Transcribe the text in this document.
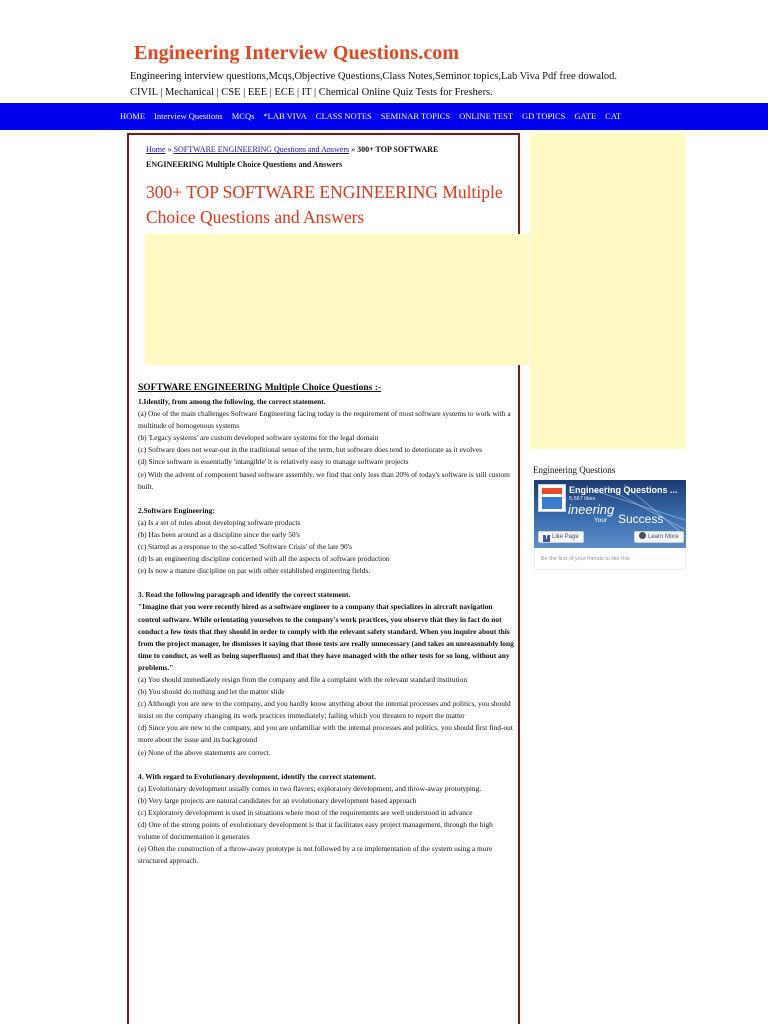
Engineering Interview Questions.com
Engineering interview questions,Mcqs,Objective Questions,Class Notes,Seminor topics,Lab Viva Pdf free dowalod. CIVIL | Mechanical | CSE | EEE | ECE | IT | Chemical Online Quiz Tests for Freshers.
HOME Interview Questions MCQs *LAB VIVA CLASS NOTES SEMINAR TOPICS ONLINE TEST GD TOPICS GATE CAT
Home » SOFTWARE ENGINEERING Questions and Answers » 300+ TOP SOFTWARE ENGINEERING Multiple Choice Questions and Answers
300+ TOP SOFTWARE ENGINEERING Multiple Choice Questions and Answers
SOFTWARE ENGINEERING Multiple Choice Questions :-
1.Identify, from among the following, the correct statement.
(a) One of the main challenges Software Engineering facing today is the requirement of most software systems to work with a multitude of homogenous systems
(b) 'Legacy systems' are custom developed software systems for the legal domain
(c) Software does not wear-out in the traditional sense of the term, but software does tend to deteriorate as it evolves
(d) Since software is essentially 'intangible' it is relatively easy to manage software projects
(e) With the advent of component based software assembly, we find that only less than 20% of today's software is still custom built.
2.Software Engineering:
(a) Is a set of rules about developing software products
(b) Has been around as a discipline since the early 50's
(c) Started as a response to the so-called 'Software Crisis' of the late 90's
(d) Is an engineering discipline concerned with all the aspects of software production
(e) Is now a mature discipline on par with other established engineering fields.
3. Read the following paragraph and identify the correct statement.
"Imagine that you were recently hired as a software engineer to a company that specializes in aircraft navigation control software. While orientating yourselves to the company's work practices, you observe that they in fact do not conduct a few tests that they should in order to comply with the relevant safety standard. When you inquire about this from the project manager, he dismisses it saying that those tests are really unnecessary (and takes an unreasonably long time to conduct, as well as being superfluous) and that they have managed with the other tests for so long, without any problems."
(a) You should immediately resign from the company and file a complaint with the relevant standard institution
(b) You should do nothing and let the matter slide
(c) Although you are new to the company, and you hardly know anything about the internal processes and politics, you should insist on the company changing its work practices immediately; failing which you threaten to report the matter
(d) Since you are new to the company, and you are unfamiliar with the internal processes and politics, you should first find-out more about the issue and its background
(e) None of the above statements are correct.
4. With regard to Evolutionary development, identify the correct statement.
(a) Evolutionary development usually comes in two flavors; exploratory development, and throw-away prototyping.
(b) Very large projects are natural candidates for an evolutionary development based approach
(c) Exploratory development is used in situations where most of the requirements are well understood in advance
(d) One of the strong points of evolutionary development is that it facilitates easy project management, through the high volume of documentation it generates
(e) Often the construction of a throw-away prototype is not followed by a re implementation of the system using a more structured approach.
Engineering Questions
Engineering Questions ...
5,667 likes
ineering
Your Success
f Like Page	Learn More
Be the first of your friends to like this
